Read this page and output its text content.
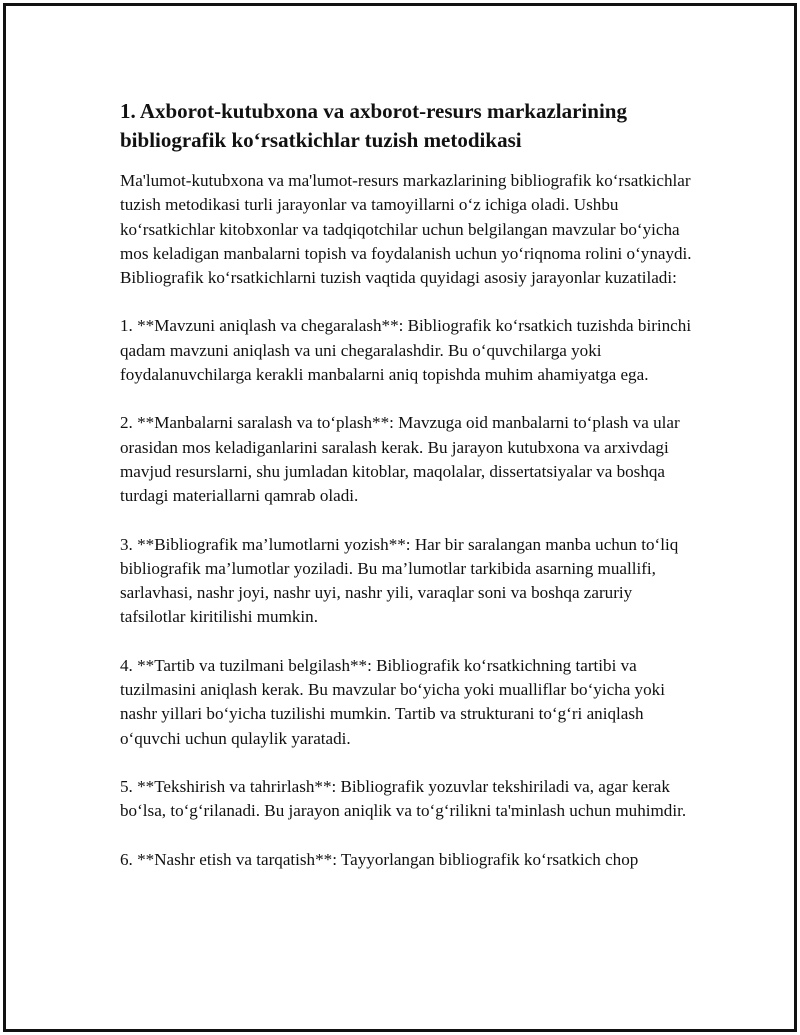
1. Axborot-kutubxona va axborot-resurs markazlarining bibliografik ko‘rsatkichlar tuzish metodikasi

Ma'lumot-kutubxona va ma'lumot-resurs markazlarining bibliografik ko‘rsatkichlar tuzish metodikasi turli jarayonlar va tamoyillarni o‘z ichiga oladi. Ushbu ko‘rsatkichlar kitobxonlar va tadqiqotchilar uchun belgilangan mavzular bo‘yicha mos keladigan manbalarni topish va foydalanish uchun yo‘riqnoma rolini o‘ynaydi. Bibliografik ko‘rsatkichlarni tuzish vaqtida quyidagi asosiy jarayonlar kuzatiladi:

1. **Mavzuni aniqlash va chegaralash**: Bibliografik ko‘rsatkich tuzishda birinchi qadam mavzuni aniqlash va uni chegaralashdir. Bu o‘quvchilarga yoki foydalanuvchilarga kerakli manbalarni aniq topishda muhim ahamiyatga ega.

2. **Manbalarni saralash va to‘plash**: Mavzuga oid manbalarni to‘plash va ular orasidan mos keladiganlarini saralash kerak. Bu jarayon kutubxona va arxivdagi mavjud resurslarni, shu jumladan kitoblar, maqolalar, dissertatsiyalar va boshqa turdagi materiallarni qamrab oladi.

3. **Bibliografik ma’lumotlarni yozish**: Har bir saralangan manba uchun to‘liq bibliografik ma’lumotlar yoziladi. Bu ma’lumotlar tarkibida asarning muallifi, sarlavhasi, nashr joyi, nashr uyi, nashr yili, varaqlar soni va boshqa zaruriy tafsilotlar kiritilishi mumkin.

4. **Tartib va tuzilmani belgilash**: Bibliografik ko‘rsatkichning tartibi va tuzilmasini aniqlash kerak. Bu mavzular bo‘yicha yoki mualliflar bo‘yicha yoki nashr yillari bo‘yicha tuzilishi mumkin. Tartib va strukturani to‘g‘ri aniqlash o‘quvchi uchun qulaylik yaratadi.

5. **Tekshirish va tahrirlash**: Bibliografik yozuvlar tekshiriladi va, agar kerak bo‘lsa, to‘g‘rilanadi. Bu jarayon aniqlik va to‘g‘rilikni ta'minlash uchun muhimdir.

6. **Nashr etish va tarqatish**: Tayyorlangan bibliografik ko‘rsatkich chop
